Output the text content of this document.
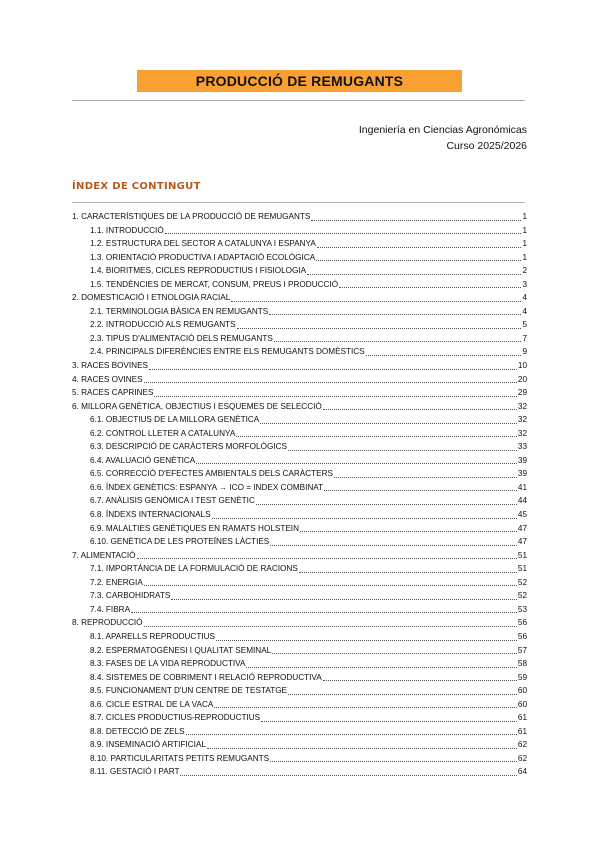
PRODUCCIÓ DE REMUGANTS
Ingeniería en Ciencias Agronómicas
Curso 2025/2026
ÍNDEX DE CONTINGUT
1. CARACTERÍSTIQUES DE LA PRODUCCIÓ DE REMUGANTS	1
1.1. INTRODUCCIÓ	1
1.2. ESTRUCTURA DEL SECTOR A CATALUNYA I ESPANYA	1
1.3. ORIENTACIÓ PRODUCTIVA I ADAPTACIÓ ECOLÒGICA	1
1.4. BIORITMES, CICLES REPRODUCTIUS I FISIOLOGIA	2
1.5. TENDÈNCIES DE MERCAT, CONSUM, PREUS I PRODUCCIÓ	3
2. DOMESTICACIÓ I ETNOLOGIA RACIAL	4
2.1. TERMINOLOGIA BÀSICA EN REMUGANTS	4
2.2. INTRODUCCIÓ ALS REMUGANTS	5
2.3. TIPUS D'ALIMENTACIÓ DELS REMUGANTS	7
2.4. PRINCIPALS DIFERÈNCIES ENTRE ELS REMUGANTS DOMÈSTICS	9
3. RACES BOVINES	10
4. RACES OVINES	20
5. RACES CAPRINES	29
6. MILLORA GENÈTICA, OBJECTIUS I ESQUEMES DE SELECCIÓ	32
6.1. OBJECTIUS DE LA MILLORA GENÈTICA	32
6.2. CONTROL LLETER A CATALUNYA	32
6.3. DESCRIPCIÓ DE CARÀCTERS MORFOLÒGICS	33
6.4. AVALUACIÓ GENÈTICA	39
6.5. CORRECCIÓ D'EFECTES AMBIENTALS DELS CARÀCTERS	39
6.6. ÍNDEX GENÈTICS: ESPANYA → ICO = INDEX COMBINAT	41
6.7. ANÀLISIS GENÒMICA I TEST GENÈTIC	44
6.8. ÍNDEXS INTERNACIONALS	45
6.9. MALALTIES GENÈTIQUES EN RAMATS HOLSTEIN	47
6.10. GENÈTICA DE LES PROTEÏNES LÀCTIES	47
7. ALIMENTACIÓ	51
7.1. IMPORTÀNCIA DE LA FORMULACIÓ DE RACIONS	51
7.2. ENERGIA	52
7.3. CARBOHIDRATS	52
7.4. FIBRA	53
8. REPRODUCCIÓ	56
8.1. APARELLS REPRODUCTIUS	56
8.2. ESPERMATOGÈNESI I QUALITAT SEMINAL	57
8.3. FASES DE LA VIDA REPRODUCTIVA	58
8.4. SISTEMES DE COBRIMENT I RELACIÓ REPRODUCTIVA	59
8.5. FUNCIONAMENT D'UN CENTRE DE TESTATGE	60
8.6. CICLE ESTRAL DE LA VACA	60
8.7. CICLES PRODUCTIUS-REPRODUCTIUS	61
8.8. DETECCIÓ DE ZELS	61
8.9. INSEMINACIÓ ARTIFICIAL	62
8.10. PARTICULARITATS PETITS REMUGANTS	62
8.11. GESTACIÓ I PART	64
